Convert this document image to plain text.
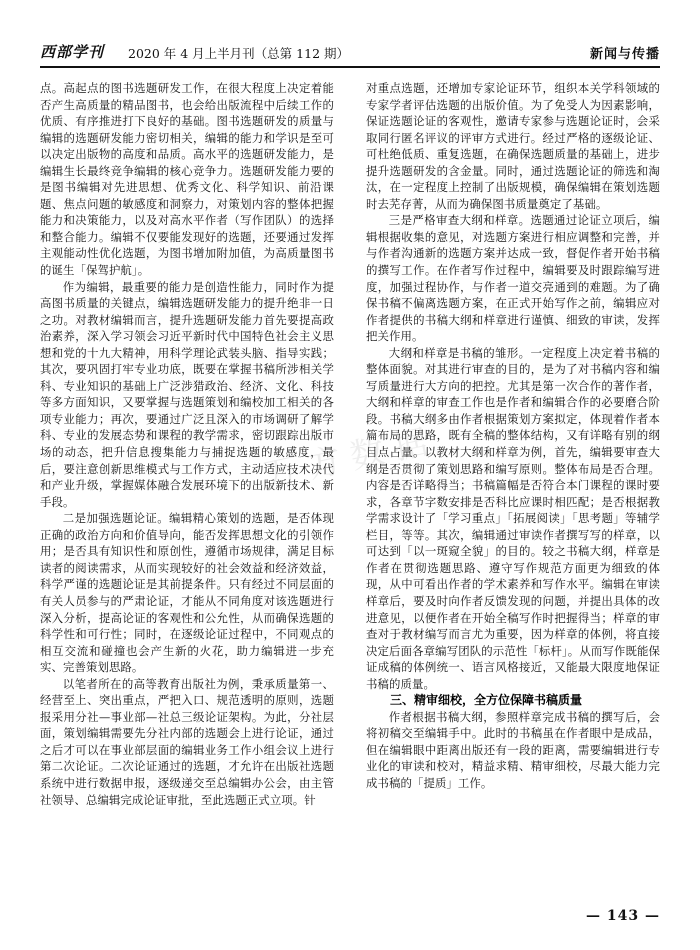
西部学刊 2020 年 4 月上半月刊（总第 112 期）	新闻与传播

点。高起点的图书选题研发工作，在很大程度上决定着能否产生高质量的精品图书，也会给出版流程中后续工作的优质、有序推进打下良好的基础。图书选题研发的质量与编辑的选题研发能力密切相关，编辑的能力和学识是至可以决定出版物的高度和品质。高水平的选题研发能力，是编辑生长最终竞争编辑的核心竞争力。选题研发能力要的是图书编辑对先进思想、优秀文化、科学知识、前沿课题、焦点问题的敏感度和洞察力，对策划内容的整体把握能力和决策能力，以及对高水平作者（写作团队）的选择和整合能力。编辑不仅要能发现好的选题，还要通过发挥主观能动性优化选题，为图书增加附加值，为高质量图书的诞生「保驾护航」。

作为编辑，最重要的能力是创造性能力，同时作为提高图书质量的关键点，编辑选题研发能力的提升绝非一日之功。对教材编辑而言，提升选题研发能力首先要提高政治素养，深入学习领会习近平新时代中国特色社会主义思想和党的十九大精神，用科学理论武装头脑、指导实践；其次，要巩固打牢专业功底，既要在掌握书稿所涉相关学科、专业知识的基础上广泛涉猎政治、经济、文化、科技等多方面知识，又要掌握与选题策划和编校加工相关的各项专业能力；再次，要通过广泛且深入的市场调研了解学科、专业的发展态势和课程的教学需求，密切跟踪出版市场的动态，把升信息搜集能力与捕捉选题的敏感度，最后，要注意创新思维模式与工作方式，主动适应技术决代和产业升级，掌握媒体融合发展环境下的出版新技术、新手段。

二是加强选题论证。编辑精心策划的选题，是否体现正确的政治方向和价值导向，能否发挥思想文化的引领作用；是否具有知识性和原创性，遵循市场规律，满足目标读者的阅读需求，从而实现较好的社会效益和经济效益，科学严谨的选题论证是其前提条件。只有经过不同层面的有关人员参与的严肃论证，才能从不同角度对该选题进行深入分析，提高论证的客观性和公允性，从而确保选题的科学性和可行性；同时，在逐级论证过程中，不同观点的相互交流和碰撞也会产生新的火花，助力编辑进一步充实、完善策划思路。

以笔者所在的高等教育出版社为例，秉承质量第一、经营至上、突出重点，严把入口、规范透明的原则，选题报采用分社—事业部—社总三级论证架构。为此，分社层面，策划编辑需要先分社内部的选题会上进行论证，通过之后才可以在事业部层面的编辑业务工作小组会议上进行第二次论证。二次论证通过的选题，才允许在出版社选题系统中进行数据申报，逐级递交至总编辑办公会，由主管社领导、总编辑完成论证审批，至此选题正式立项。针

对重点选题，还增加专家论证环节，组织本关学科领域的专家学者评估选题的出版价值。为了免受人为因素影响，保证选题论证的客观性，邀请专家参与选题论证时，会采取同行匿名评议的评审方式进行。经过严格的逐级论证、可杜绝低质、重复选题，在确保选题质量的基础上，进步提升选题研发的含金量。同时，通过选题论证的筛选和淘汰，在一定程度上控制了出版规模，确保编辑在策划选题时去芜存菁，从而为确保图书质量奠定了基础。

三是严格审查大纲和样章。选题通过论证立项后，编辑根据收集的意见，对选题方案进行相应调整和完善，并与作者沟通新的选题方案并达成一致，督促作者开始书稿的撰写工作。在作者写作过程中，编辑要及时跟踪编写进度，加强过程协作，与作者一道交亮通到的难题。为了确保书稿不偏离选题方案，在正式开始写作之前，编辑应对作者提供的书稿大纲和样章进行谨慎、细致的审读，发挥把关作用。

大纲和样章是书稿的雏形。一定程度上决定着书稿的整体面貌。对其进行审查的目的，是为了对书稿内容和编写质量进行大方向的把控。尤其是第一次合作的著作者，大纲和样章的审查工作也是作者和编辑合作的必要磨合阶段。书稿大纲多由作者根据策划方案拟定，体现着作者本篇布局的思路，既有全稿的整体结构，又有详略有别的纲目点占量。以教材大纲和样章为例，首先，编辑要审查大纲是否贯彻了策划思路和编写原则。整体布局是否合理。内容是否详略得当；书稿篇幅是否符合本门课程的课时要求，各章节字数安排是否科比应课时相匹配；是否根据教学需求设计了「学习重点」「拓展阅读」「思考题」等辅学栏目，等等。其次，编辑通过审读作者撰写写的样章，以可达到「以一斑窥全貌」的目的。较之书稿大纲，样章是作者在贯彻选题思路、遵守写作规范方面更为细致的体现，从中可看出作者的学术素养和写作水平。编辑在审读样章后，要及时向作者反馈发现的问题，并提出具体的改进意见，以便作者在开始全稿写作时把握得当；样章的审查对于教材编写而言尤为重要，因为样章的体例，将直接决定后面各章编写团队的示范性「标杆」。从而写作既能保证成稿的体例统一、语言风格接近，又能最大限度地保证书稿的质量。

三、精审细校，全方位保障书稿质量

作者根据书稿大纲，参照样章完成书稿的撰写后，会将初稿交至编辑手中。此时的书稿虽在作者眼中是成品，但在编辑眼中距离出版还有一段的距离，需要编辑进行专业化的审读和校对，精益求精、精审细校，尽最大能力完成书稿的「提质」工作。

万方数据
— 143 —
